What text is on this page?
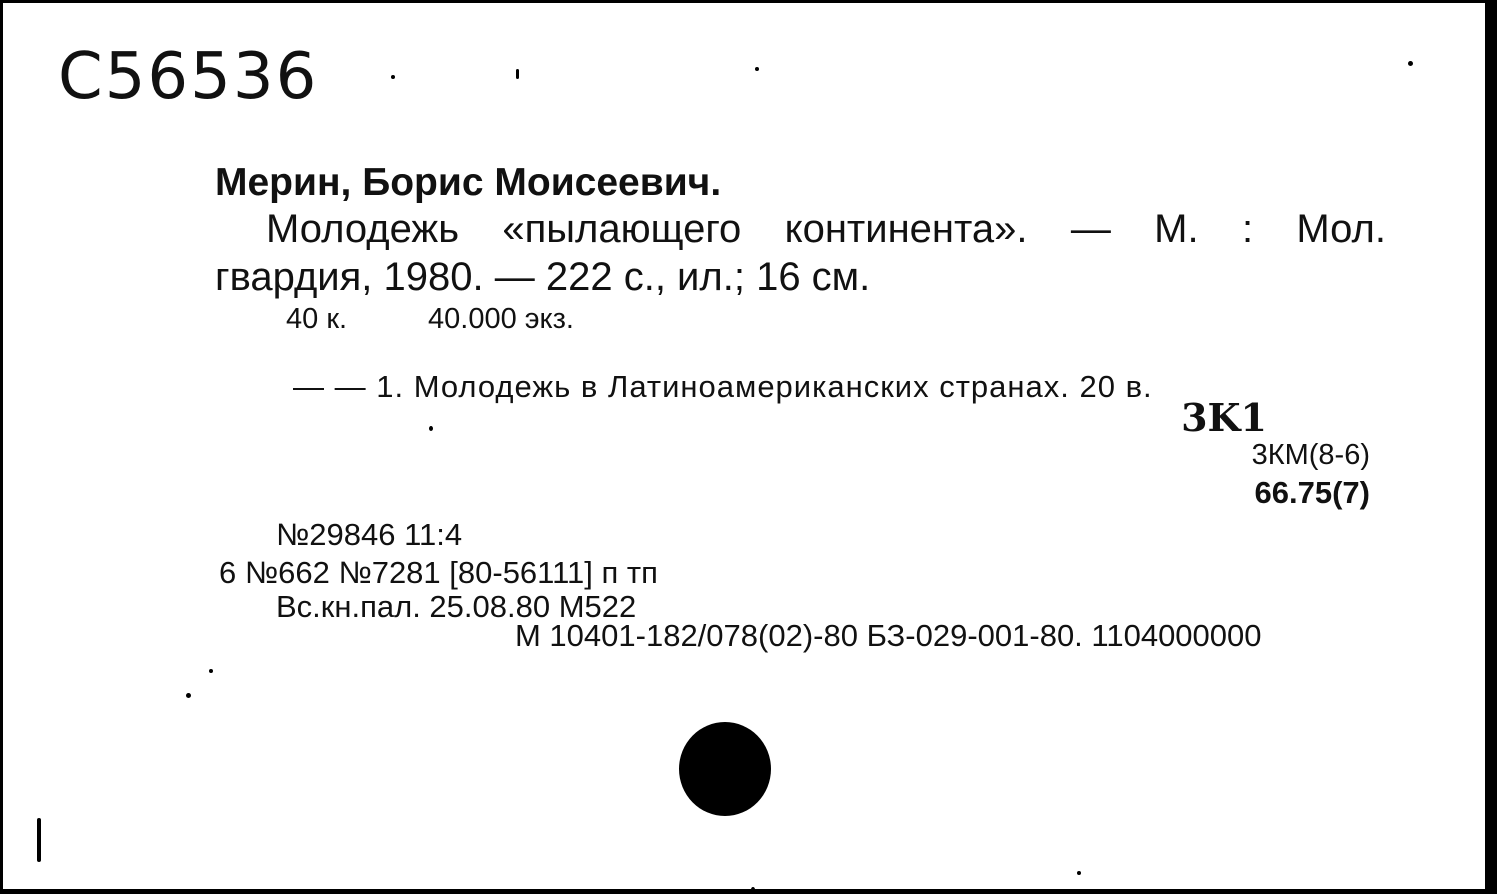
C56536
Мерин, Борис Моисеевич.
Молодежь «пылающего континента». — М. : Мол.
гвардия, 1980. — 222 с., ил.; 16 см.
40 к.	40.000 экз.
— — 1. Молодежь в Латиноамериканских странах. 20 в.
3K1
3КМ(8-6)
66.75(7)
№29846 11:4
6 №662 №7281 [80-56111] п тп
Вс.кн.пал. 25.08.80 М522
М 10401-182/078(02)-80 БЗ-029-001-80. 1104000000
